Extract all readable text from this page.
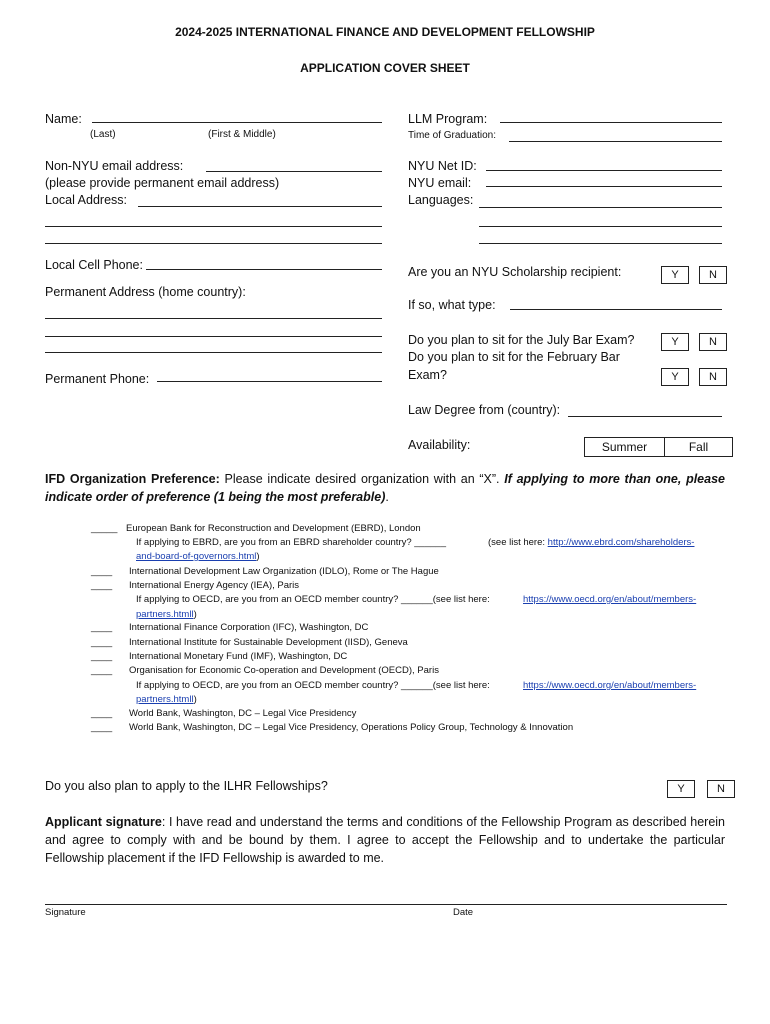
2024-2025 INTERNATIONAL FINANCE AND DEVELOPMENT FELLOWSHIP
APPLICATION COVER SHEET
Name:
(Last)	(First & Middle)
Non-NYU email address:
(please provide permanent email address)
Local Address:
Local Cell Phone:
Permanent Address (home country):
Permanent Phone:
LLM Program:
Time of Graduation:
NYU Net ID:
NYU email:
Languages:
Are you an NYU Scholarship recipient:	Y	N
If so, what type:
Do you plan to sit for the July Bar Exam?	Y	N
Do you plan to sit for the February Bar
Exam?	Y	N
Law Degree from (country):
Availability:	Summer	Fall
IFD Organization Preference: Please indicate desired organization with an “X”. If applying to more than one, please indicate order of preference (1 being the most preferable).
_____ European Bank for Reconstruction and Development (EBRD), London
If applying to EBRD, are you from an EBRD shareholder country? ______	(see list here: http://www.ebrd.com/shareholders-
and-board-of-governors.html)
____ International Development Law Organization (IDLO), Rome or The Hague
____ International Energy Agency (IEA), Paris
If applying to OECD, are you from an OECD member country? ______(see list here:	https://www.oecd.org/en/about/members-
partners.htmll)
____ International Finance Corporation (IFC), Washington, DC
____ International Institute for Sustainable Development (IISD), Geneva
____ International Monetary Fund (IMF), Washington, DC
____ Organisation for Economic Co-operation and Development (OECD), Paris
If applying to OECD, are you from an OECD member country? ______(see list here:	https://www.oecd.org/en/about/members-
partners.htmll)
____ World Bank, Washington, DC – Legal Vice Presidency
____ World Bank, Washington, DC – Legal Vice Presidency, Operations Policy Group, Technology & Innovation
Do you also plan to apply to the ILHR Fellowships?	Y	N
Applicant signature: I have read and understand the terms and conditions of the Fellowship Program as described herein and agree to comply with and be bound by them. I agree to accept the Fellowship and to undertake the particular Fellowship placement if the IFD Fellowship is awarded to me.
Signature	Date
